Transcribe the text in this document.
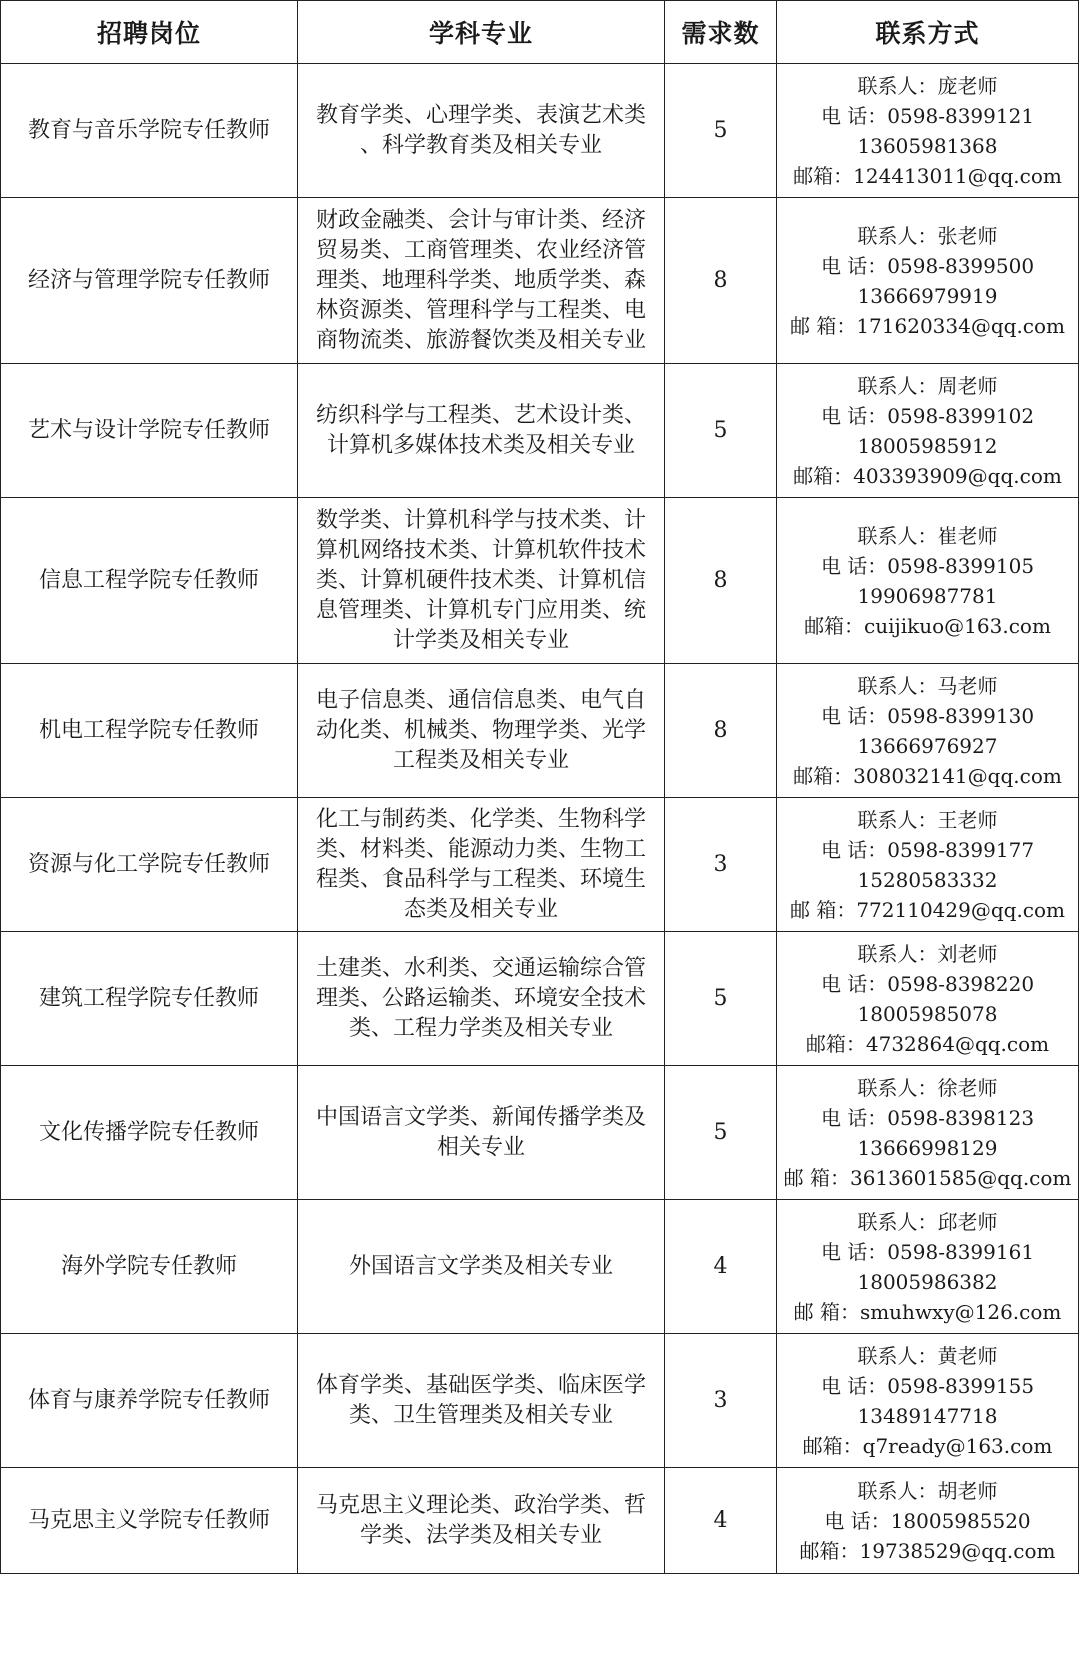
招聘岗位	学科专业	需求数	联系方式
教育与音乐学院专任教师	教育学类、心理学类、表演艺术类
、科学教育类及相关专业	5	联系人：庞老师
电 话：0598-8399121
13605981368
邮箱：124413011@qq.com

经济与管理学院专任教师	财政金融类、会计与审计类、经济
贸易类、工商管理类、农业经济管
理类、地理科学类、地质学类、森
林资源类、管理科学与工程类、电
商物流类、旅游餐饮类及相关专业	8	联系人：张老师
电 话：0598-8399500
13666979919
邮 箱：171620334@qq.com

艺术与设计学院专任教师	纺织科学与工程类、艺术设计类、
计算机多媒体技术类及相关专业	5	联系人：周老师
电 话：0598-8399102
18005985912
邮箱：403393909@qq.com

信息工程学院专任教师	数学类、计算机科学与技术类、计
算机网络技术类、计算机软件技术
类、计算机硬件技术类、计算机信
息管理类、计算机专门应用类、统
计学类及相关专业	8	联系人：崔老师
电 话：0598-8399105
19906987781
邮箱：cuijikuo@163.com

机电工程学院专任教师	电子信息类、通信信息类、电气自
动化类、机械类、物理学类、光学
工程类及相关专业	8	联系人：马老师
电 话：0598-8399130
13666976927
邮箱：308032141@qq.com

资源与化工学院专任教师	化工与制药类、化学类、生物科学
类、材料类、能源动力类、生物工
程类、食品科学与工程类、环境生
态类及相关专业	3	联系人：王老师
电 话：0598-8399177
15280583332
邮 箱：772110429@qq.com

建筑工程学院专任教师	土建类、水利类、交通运输综合管
理类、公路运输类、环境安全技术
类、工程力学类及相关专业	5	联系人：刘老师
电 话：0598-8398220
18005985078
邮箱：4732864@qq.com

文化传播学院专任教师	中国语言文学类、新闻传播学类及
相关专业	5	联系人：徐老师
电 话：0598-8398123
13666998129
邮 箱：3613601585@qq.com

海外学院专任教师	外国语言文学类及相关专业	4	联系人：邱老师
电 话：0598-8399161
18005986382
邮 箱：smuhwxy@126.com

体育与康养学院专任教师	体育学类、基础医学类、临床医学
类、卫生管理类及相关专业	3	联系人：黄老师
电 话：0598-8399155
13489147718
邮箱：q7ready@163.com

马克思主义学院专任教师	马克思主义理论类、政治学类、哲
学类、法学类及相关专业	4	联系人：胡老师
电 话：18005985520
邮箱：19738529@qq.com
